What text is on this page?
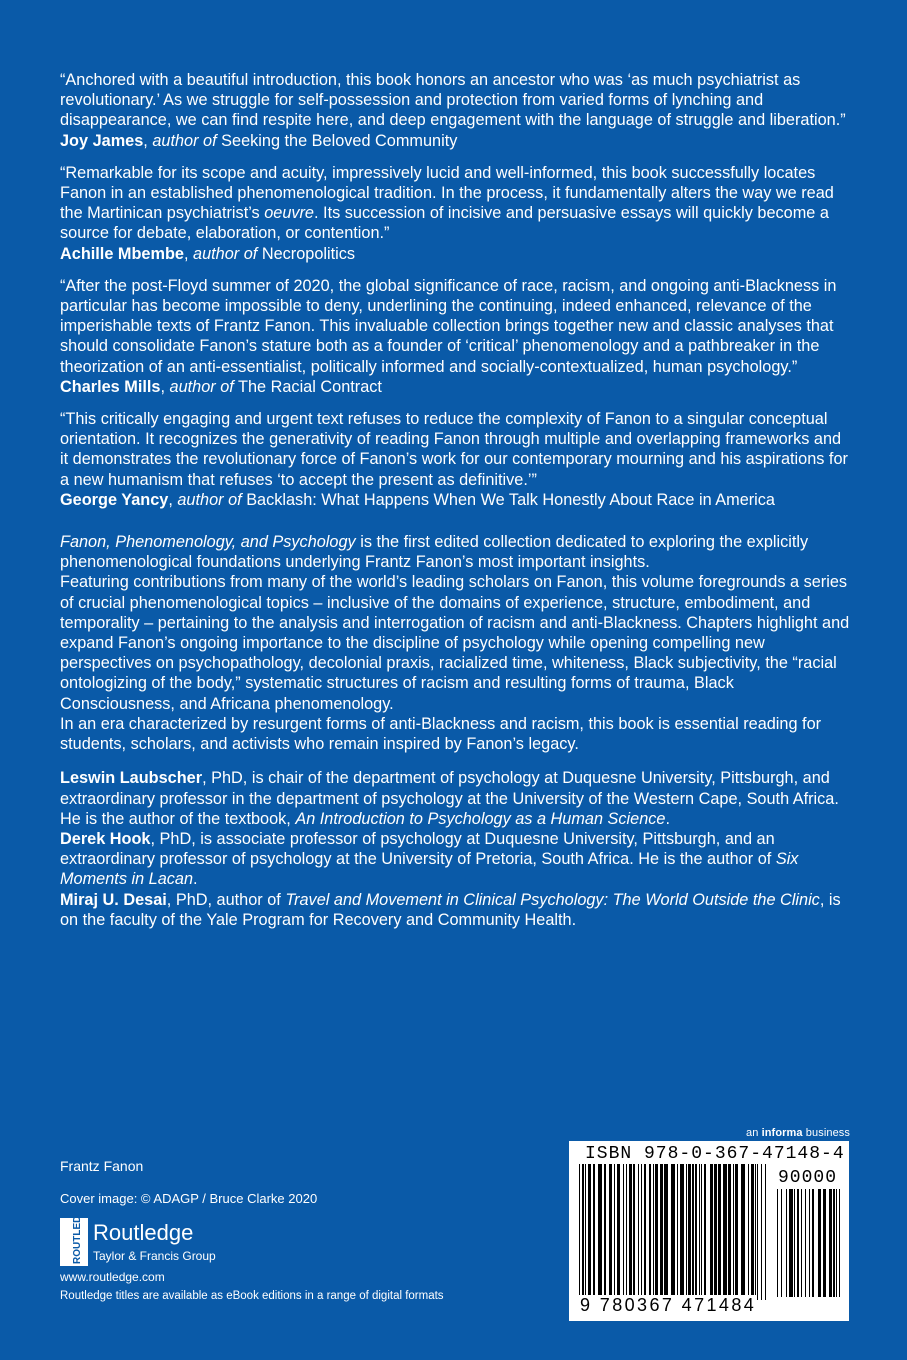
“Anchored with a beautiful introduction, this book honors an ancestor who was ‘as much psychiatrist as revolutionary.’ As we struggle for self-possession and protection from varied forms of lynching and disappearance, we can find respite here, and deep engagement with the language of struggle and liberation.”

Joy James, author of Seeking the Beloved Community

“Remarkable for its scope and acuity, impressively lucid and well-informed, this book successfully locates Fanon in an established phenomenological tradition. In the process, it fundamentally alters the way we read the Martinican psychiatrist’s oeuvre. Its succession of incisive and persuasive essays will quickly become a source for debate, elaboration, or contention.”

Achille Mbembe, author of Necropolitics

“After the post-Floyd summer of 2020, the global significance of race, racism, and ongoing anti-Blackness in particular has become impossible to deny, underlining the continuing, indeed enhanced, relevance of the imperishable texts of Frantz Fanon. This invaluable collection brings together new and classic analyses that should consolidate Fanon’s stature both as a founder of ‘critical’ phenomenology and a pathbreaker in the theorization of an anti-essentialist, politically informed and socially-contextualized, human psychology.”

Charles Mills, author of The Racial Contract

“This critically engaging and urgent text refuses to reduce the complexity of Fanon to a singular conceptual orientation. It recognizes the generativity of reading Fanon through multiple and overlapping frameworks and it demonstrates the revolutionary force of Fanon’s work for our contemporary mourning and his aspirations for a new humanism that refuses ‘to accept the present as definitive.’”

George Yancy, author of Backlash: What Happens When We Talk Honestly About Race in America

Fanon, Phenomenology, and Psychology is the first edited collection dedicated to exploring the explicitly phenomenological foundations underlying Frantz Fanon’s most important insights.

Featuring contributions from many of the world’s leading scholars on Fanon, this volume foregrounds a series of crucial phenomenological topics – inclusive of the domains of experience, structure, embodiment, and temporality – pertaining to the analysis and interrogation of racism and anti-Blackness. Chapters highlight and expand Fanon’s ongoing importance to the discipline of psychology while opening compelling new perspectives on psychopathology, decolonial praxis, racialized time, whiteness, Black subjectivity, the “racial ontologizing of the body,” systematic structures of racism and resulting forms of trauma, Black Consciousness, and Africana phenomenology.

In an era characterized by resurgent forms of anti-Blackness and racism, this book is essential reading for students, scholars, and activists who remain inspired by Fanon’s legacy.

Leswin Laubscher, PhD, is chair of the department of psychology at Duquesne University, Pittsburgh, and extraordinary professor in the department of psychology at the University of the Western Cape, South Africa. He is the author of the textbook, An Introduction to Psychology as a Human Science.

Derek Hook, PhD, is associate professor of psychology at Duquesne University, Pittsburgh, and an extraordinary professor of psychology at the University of Pretoria, South Africa. He is the author of Six Moments in Lacan.

Miraj U. Desai, PhD, author of Travel and Movement in Clinical Psychology: The World Outside the Clinic, is on the faculty of the Yale Program for Recovery and Community Health.

an informa business
ISBN 978-0-367-47148-4
90000
9 780367 471484
Frantz Fanon
Cover image: © ADAGP / Bruce Clarke 2020
ROUTLEDGE Routledge
Taylor & Francis Group
www.routledge.com
Routledge titles are available as eBook editions in a range of digital formats
